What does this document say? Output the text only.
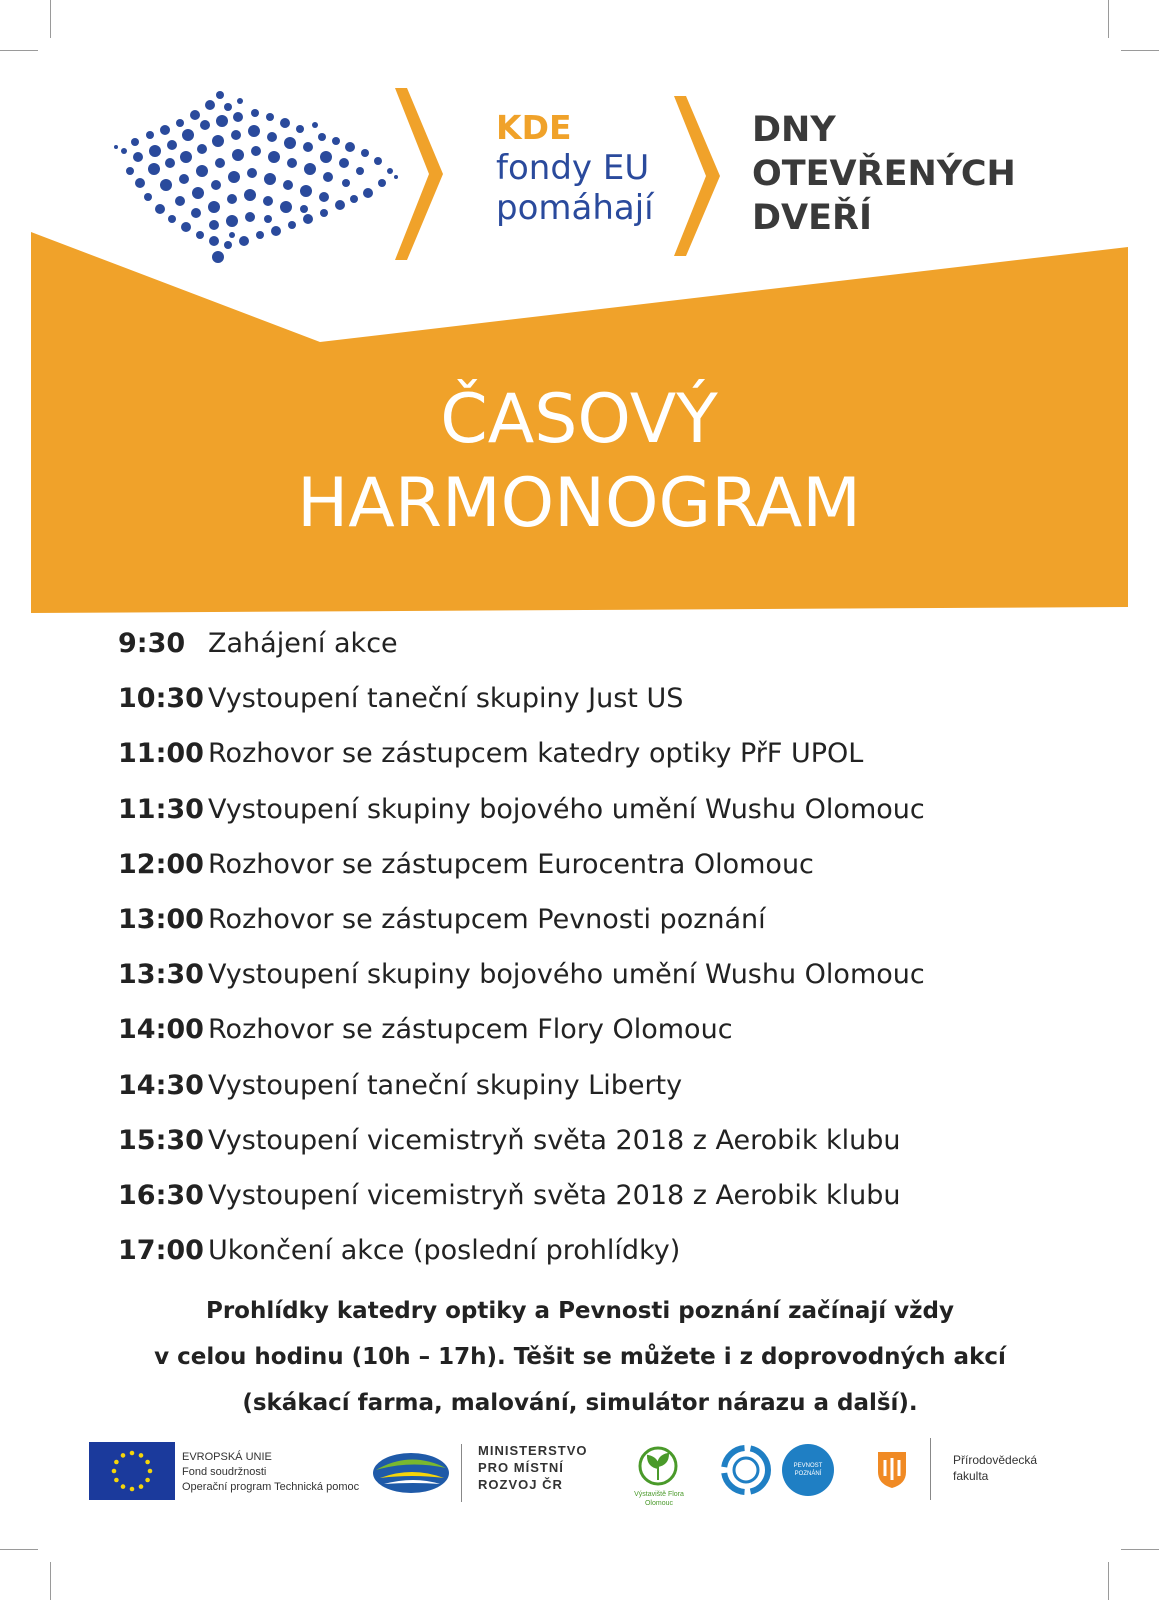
KDE
fondy EU
pomáhají
DNY
OTEVŘENÝCH
DVEŘÍ
ČASOVÝ
HARMONOGRAM
9:30 Zahájení akce
10:30 Vystoupení taneční skupiny Just US
11:00 Rozhovor se zástupcem katedry optiky PřF UPOL
11:30 Vystoupení skupiny bojového umění Wushu Olomouc
12:00 Rozhovor se zástupcem Eurocentra Olomouc
13:00 Rozhovor se zástupcem Pevnosti poznání
13:30 Vystoupení skupiny bojového umění Wushu Olomouc
14:00 Rozhovor se zástupcem Flory Olomouc
14:30 Vystoupení taneční skupiny Liberty
15:30 Vystoupení vicemistryň světa 2018 z Aerobik klubu
16:30 Vystoupení vicemistryň světa 2018 z Aerobik klubu
17:00 Ukončení akce (poslední prohlídky)
Prohlídky katedry optiky a Pevnosti poznání začínají vždy
v celou hodinu (10h – 17h). Těšit se můžete i z doprovodných akcí
(skákací farma, malování, simulátor nárazu a další).
EVROPSKÁ UNIE
Fond soudržnosti
Operační program Technická pomoc
MINISTERSTVO
PRO MÍSTNÍ
ROZVOJ ČR
Výstaviště Flora
Olomouc
PEVNOST
POZNÁNÍ
Přírodovědecká
fakulta
